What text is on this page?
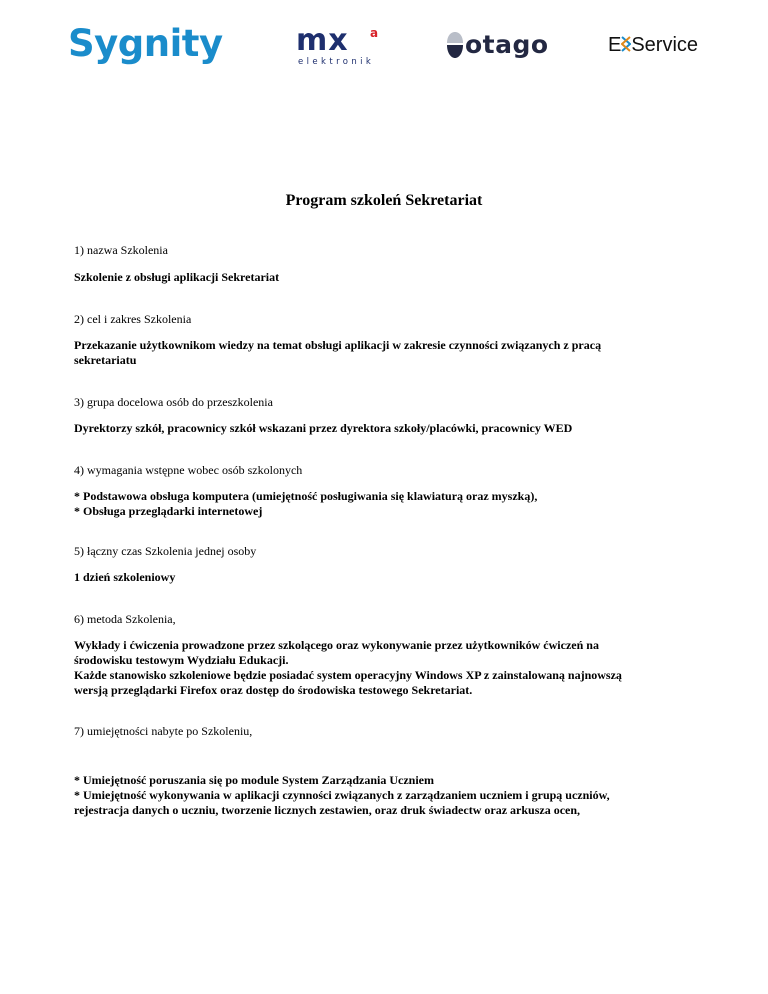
Sygnity m	a
x
elektronik
otago	E Service
Program szkoleń Sekretariat
1) nazwa Szkolenia
Szkolenie z obsługi aplikacji Sekretariat
2) cel i zakres Szkolenia
Przekazanie użytkownikom wiedzy na temat obsługi aplikacji w zakresie czynności związanych z pracą
sekretariatu
3) grupa docelowa osób do przeszkolenia
Dyrektorzy szkół, pracownicy szkół wskazani przez dyrektora szkoły/placówki, pracownicy WED
4) wymagania wstępne wobec osób szkolonych
* Podstawowa obsługa komputera (umiejętność posługiwania się klawiaturą oraz myszką),
* Obsługa przeglądarki internetowej
5) łączny czas Szkolenia jednej osoby
1 dzień szkoleniowy
6) metoda Szkolenia,
Wykłady i ćwiczenia prowadzone przez szkolącego oraz wykonywanie przez użytkowników ćwiczeń na
środowisku testowym Wydziału Edukacji.
Każde stanowisko szkoleniowe będzie posiadać system operacyjny Windows XP z zainstalowaną najnowszą
wersją przeglądarki Firefox oraz dostęp do środowiska testowego Sekretariat.
7) umiejętności nabyte po Szkoleniu,
* Umiejętność poruszania się po module System Zarządzania Uczniem
* Umiejętność wykonywania w aplikacji czynności związanych z zarządzaniem uczniem i grupą uczniów,
rejestracja danych o uczniu, tworzenie licznych zestawien, oraz druk świadectw oraz arkusza ocen,
